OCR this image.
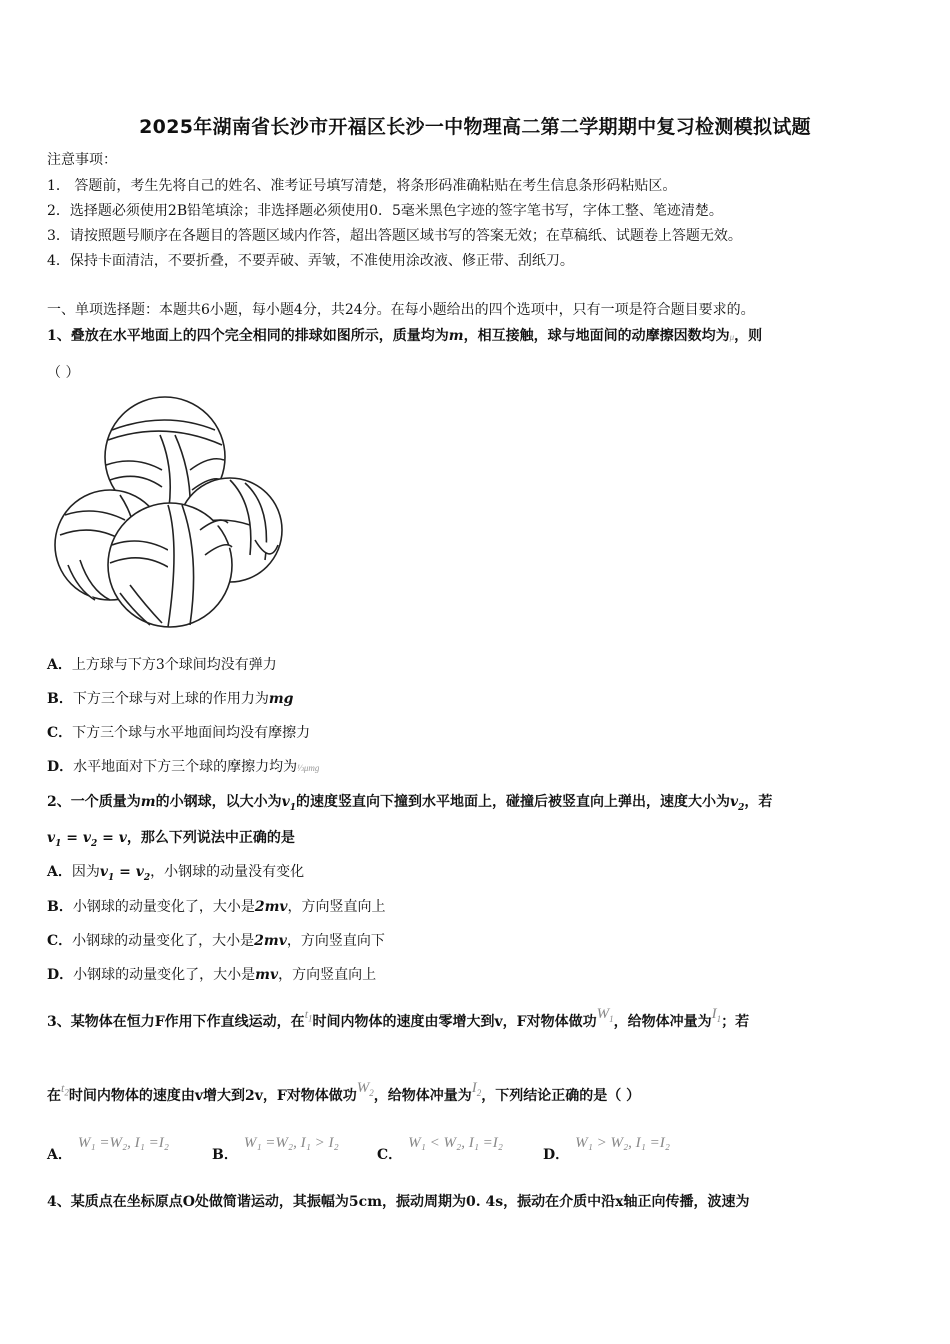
2025年湖南省长沙市开福区长沙一中物理高二第二学期期中复习检测模拟试题
注意事项：
1． 答题前，考生先将自己的姓名、准考证号填写清楚，将条形码准确粘贴在考生信息条形码粘贴区。
2．选择题必须使用2B铅笔填涂；非选择题必须使用0．5毫米黑色字迹的签字笔书写，字体工整、笔迹清楚。
3．请按照题号顺序在各题目的答题区域内作答，超出答题区域书写的答案无效；在草稿纸、试题卷上答题无效。
4．保持卡面清洁，不要折叠，不要弄破、弄皱，不准使用涂改液、修正带、刮纸刀。
一、单项选择题：本题共6小题，每小题4分，共24分。在每小题给出的四个选项中，只有一项是符合题目要求的。
1、叠放在水平地面上的四个完全相同的排球如图所示，质量均为m，相互接触，球与地面间的动摩擦因数均为μ，则
（ ）
A．上方球与下方3个球间均没有弹力
B．下方三个球与对上球的作用力为mg
C．下方三个球与水平地面间均没有摩擦力
D．水平地面对下方三个球的摩擦力均为⅓μmg
2、一个质量为m的小钢球，以大小为$v_1$的速度竖直向下撞到水平地面上，碰撞后被竖直向上弹出，速度大小为$v_2$，若
$v_1 = v_2 = v$，那么下列说法中正确的是
A．因为$v_1 = v_2$，小钢球的动量没有变化
B．小钢球的动量变化了，大小是2mv，方向竖直向上
C．小钢球的动量变化了，大小是2mv，方向竖直向下
D．小钢球的动量变化了，大小是mv，方向竖直向上
3、某物体在恒力F作用下作直线运动，在$t_1$时间内物体的速度由零增大到v，F对物体做功$W_1$，给物体冲量为$I_1$；若
在$t_2$时间内物体的速度由v增大到2v，F对物体做功$W_2$，给物体冲量为$I_2$，下列结论正确的是（ ）
A．W₁ =W₂, I₁ =I₂
B．W₁ =W₂, I₁ > I₂
C．W₁ < W₂, I₁ =I₂
D．W₁ > W₂, I₁ =I₂
4、某质点在坐标原点O处做简谐运动，其振幅为5cm，振动周期为0. 4s，振动在介质中沿x轴正向传播，波速为
